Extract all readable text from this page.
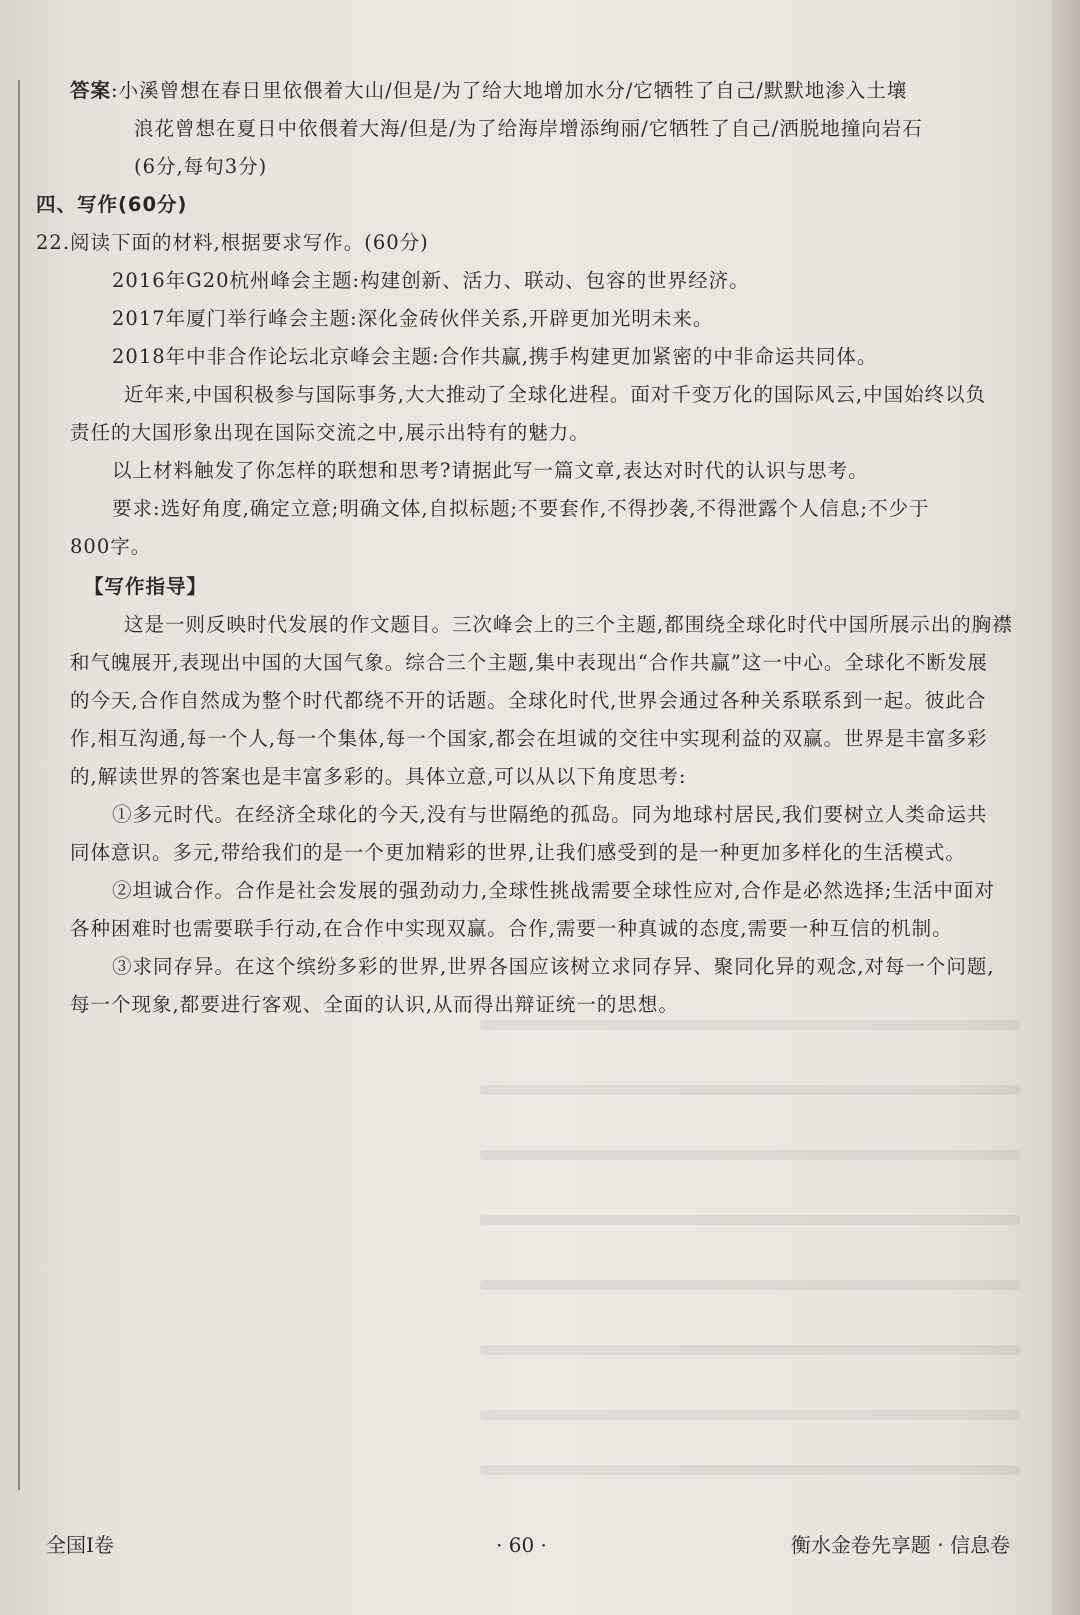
答案:小溪曾想在春日里依偎着大山/但是/为了给大地增加水分/它牺牲了自己/默默地渗入土壤
浪花曾想在夏日中依偎着大海/但是/为了给海岸增添绚丽/它牺牲了自己/洒脱地撞向岩石
(6分,每句3分)
四、写作(60分)
22.阅读下面的材料,根据要求写作。(60分)
2016年G20杭州峰会主题:构建创新、活力、联动、包容的世界经济。
2017年厦门举行峰会主题:深化金砖伙伴关系,开辟更加光明未来。
2018年中非合作论坛北京峰会主题:合作共赢,携手构建更加紧密的中非命运共同体。
近年来,中国积极参与国际事务,大大推动了全球化进程。面对千变万化的国际风云,中国始终以负
责任的大国形象出现在国际交流之中,展示出特有的魅力。
以上材料触发了你怎样的联想和思考?请据此写一篇文章,表达对时代的认识与思考。
要求:选好角度,确定立意;明确文体,自拟标题;不要套作,不得抄袭,不得泄露个人信息;不少于
800字。
【写作指导】
这是一则反映时代发展的作文题目。三次峰会上的三个主题,都围绕全球化时代中国所展示出的胸襟
和气魄展开,表现出中国的大国气象。综合三个主题,集中表现出“合作共赢”这一中心。全球化不断发展
的今天,合作自然成为整个时代都绕不开的话题。全球化时代,世界会通过各种关系联系到一起。彼此合
作,相互沟通,每一个人,每一个集体,每一个国家,都会在坦诚的交往中实现利益的双赢。世界是丰富多彩
的,解读世界的答案也是丰富多彩的。具体立意,可以从以下角度思考:
①多元时代。在经济全球化的今天,没有与世隔绝的孤岛。同为地球村居民,我们要树立人类命运共
同体意识。多元,带给我们的是一个更加精彩的世界,让我们感受到的是一种更加多样化的生活模式。
②坦诚合作。合作是社会发展的强劲动力,全球性挑战需要全球性应对,合作是必然选择;生活中面对
各种困难时也需要联手行动,在合作中实现双赢。合作,需要一种真诚的态度,需要一种互信的机制。
③求同存异。在这个缤纷多彩的世界,世界各国应该树立求同存异、聚同化异的观念,对每一个问题,
每一个现象,都要进行客观、全面的认识,从而得出辩证统一的思想。
全国Ⅰ卷	· 60 ·	衡水金卷先享题 · 信息卷
